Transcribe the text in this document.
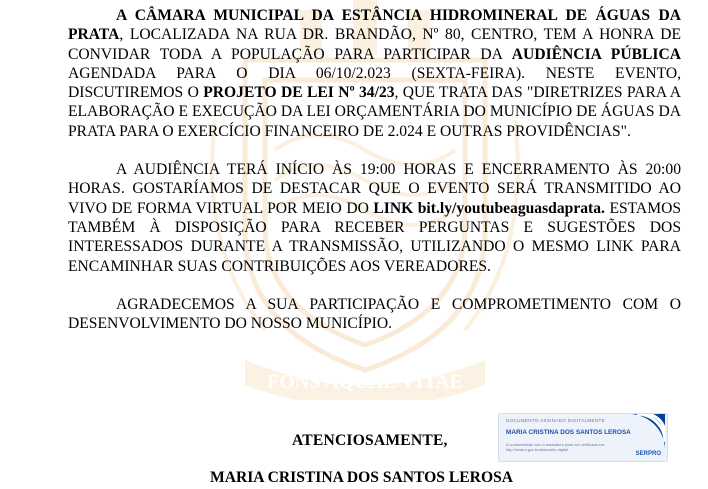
FONS AQUAE VITAE

A CÂMARA MUNICIPAL DA ESTÂNCIA HIDROMINERAL DE ÁGUAS DA PRATA, LOCALIZADA NA RUA DR. BRANDÃO, Nº 80, CENTRO, TEM A HONRA DE CONVIDAR TODA A POPULAÇÃO PARA PARTICIPAR DA AUDIÊNCIA PÚBLICA AGENDADA PARA O DIA 06/10/2.023 (SEXTA-FEIRA). NESTE EVENTO, DISCUTIREMOS O PROJETO DE LEI Nº 34/23, QUE TRATA DAS "DIRETRIZES PARA A ELABORAÇÃO E EXECUÇÃO DA LEI ORÇAMENTÁRIA DO MUNICÍPIO DE ÁGUAS DA PRATA PARA O EXERCÍCIO FINANCEIRO DE 2.024 E OUTRAS PROVIDÊNCIAS".

A AUDIÊNCIA TERÁ INÍCIO ÀS 19:00 HORAS E ENCERRAMENTO ÀS 20:00 HORAS. GOSTARÍAMOS DE DESTACAR QUE O EVENTO SERÁ TRANSMITIDO AO VIVO DE FORMA VIRTUAL POR MEIO DO LINK bit.ly/youtubeaguasdaprata. ESTAMOS TAMBÉM À DISPOSIÇÃO PARA RECEBER PERGUNTAS E SUGESTÕES DOS INTERESSADOS DURANTE A TRANSMISSÃO, UTILIZANDO O MESMO LINK PARA ENCAMINHAR SUAS CONTRIBUIÇÕES AOS VEREADORES.

AGRADECEMOS A SUA PARTICIPAÇÃO E COMPROMETIMENTO COM O DESENVOLVIMENTO DO NOSSO MUNICÍPIO.

ATENCIOSAMENTE,
MARIA CRISTINA DOS SANTOS LEROSA
DOCUMENTO ASSINADO DIGITALMENTE
MARIA CRISTINA DOS SANTOS LEROSA
A conformidade com a assinatura pode ser verificada em: http://serpro.gov.br/assinador-digital
SERPRO
